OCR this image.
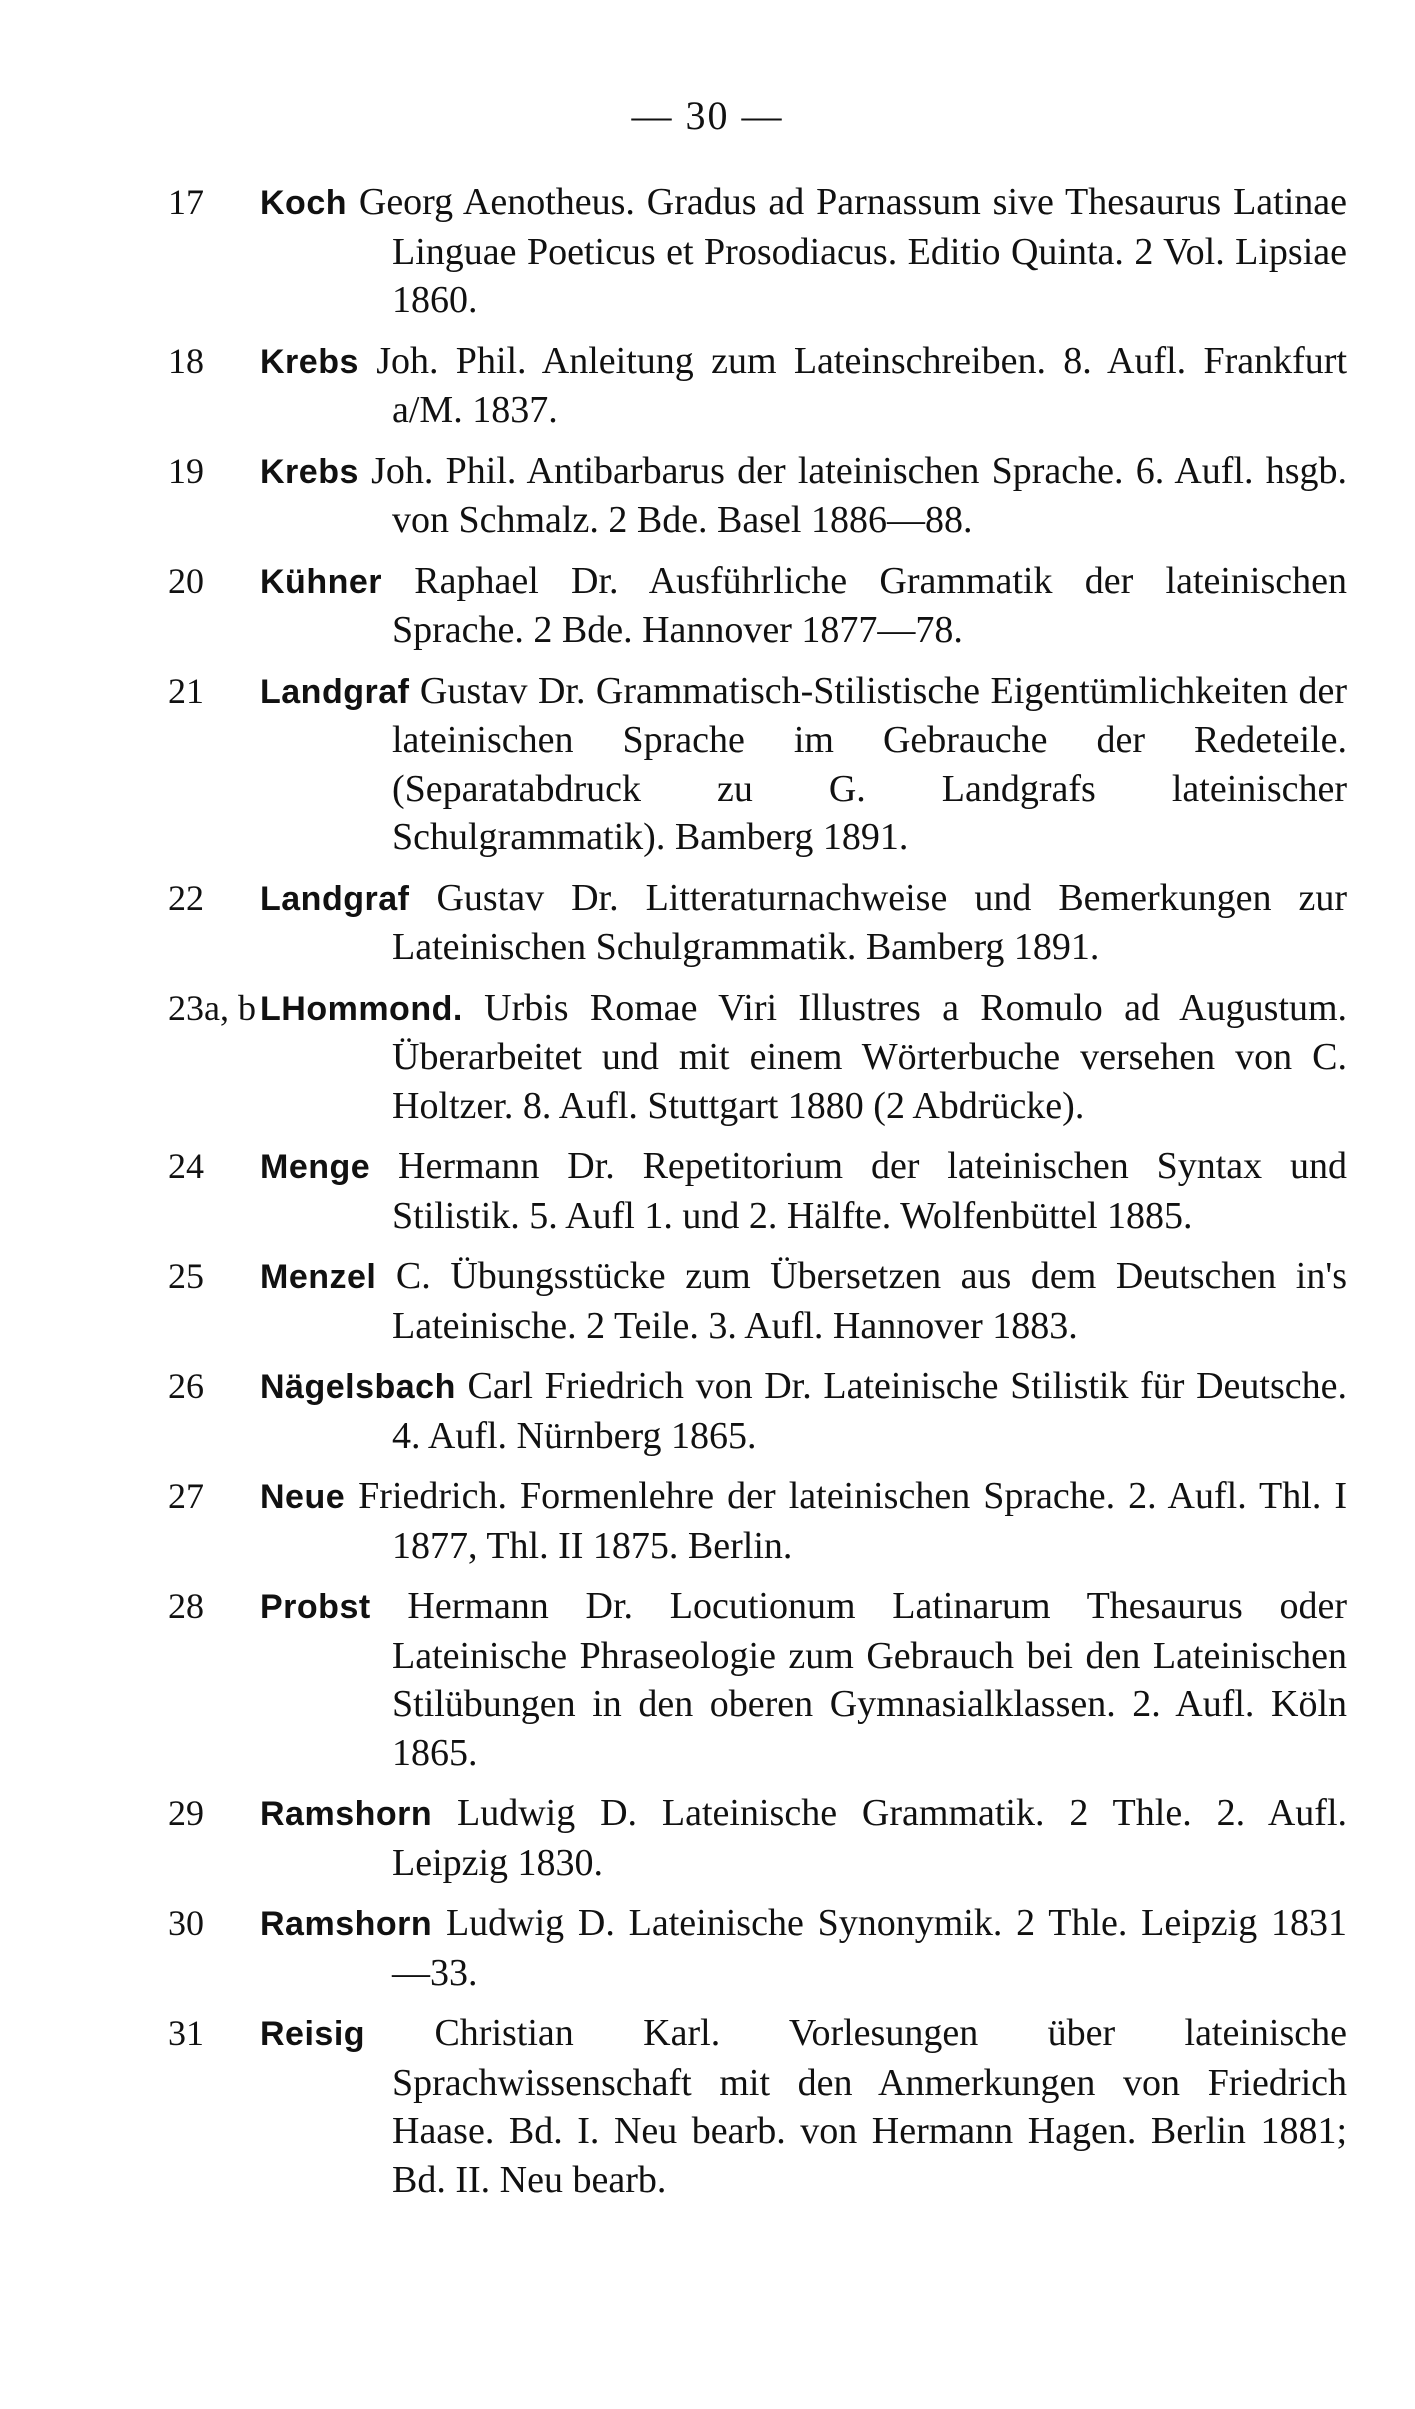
— 30 —
17 Koch Georg Aenotheus. Gradus ad Parnassum sive Thesaurus Latinae Linguae Poeticus et Prosodiacus. Editio Quinta. 2 Vol. Lipsiae 1860.
18 Krebs Joh. Phil. Anleitung zum Lateinschreiben. 8. Aufl. Frankfurt a/M. 1837.
19 Krebs Joh. Phil. Antibarbarus der lateinischen Sprache. 6. Aufl. hsgb. von Schmalz. 2 Bde. Basel 1886—88.
20 Kühner Raphael Dr. Ausführliche Grammatik der lateinischen Sprache. 2 Bde. Hannover 1877—78.
21 Landgraf Gustav Dr. Grammatisch-Stilistische Eigentümlichkeiten der lateinischen Sprache im Gebrauche der Redeteile. (Separatabdruck zu G. Landgrafs lateinischer Schulgrammatik). Bamberg 1891.
22 Landgraf Gustav Dr. Litteraturnachweise und Bemerkungen zur Lateinischen Schulgrammatik. Bamberg 1891.
23a, b LHommond. Urbis Romae Viri Illustres a Romulo ad Augustum. Überarbeitet und mit einem Wörterbuche versehen von C. Holtzer. 8. Aufl. Stuttgart 1880 (2 Abdrücke).
24 Menge Hermann Dr. Repetitorium der lateinischen Syntax und Stilistik. 5. Aufl 1. und 2. Hälfte. Wolfenbüttel 1885.
25 Menzel C. Übungsstücke zum Übersetzen aus dem Deutschen in's Lateinische. 2 Teile. 3. Aufl. Hannover 1883.
26 Nägelsbach Carl Friedrich von Dr. Lateinische Stilistik für Deutsche. 4. Aufl. Nürnberg 1865.
27 Neue Friedrich. Formenlehre der lateinischen Sprache. 2. Aufl. Thl. I 1877, Thl. II 1875. Berlin.
28 Probst Hermann Dr. Locutionum Latinarum Thesaurus oder Lateinische Phraseologie zum Gebrauch bei den Lateinischen Stilübungen in den oberen Gymnasialklassen. 2. Aufl. Köln 1865.
29 Ramshorn Ludwig D. Lateinische Grammatik. 2 Thle. 2. Aufl. Leipzig 1830.
30 Ramshorn Ludwig D. Lateinische Synonymik. 2 Thle. Leipzig 1831—33.
31 Reisig Christian Karl. Vorlesungen über lateinische Sprachwissenschaft mit den Anmerkungen von Friedrich Haase. Bd. I. Neu bearb. von Hermann Hagen. Berlin 1881; Bd. II. Neu bearb.
